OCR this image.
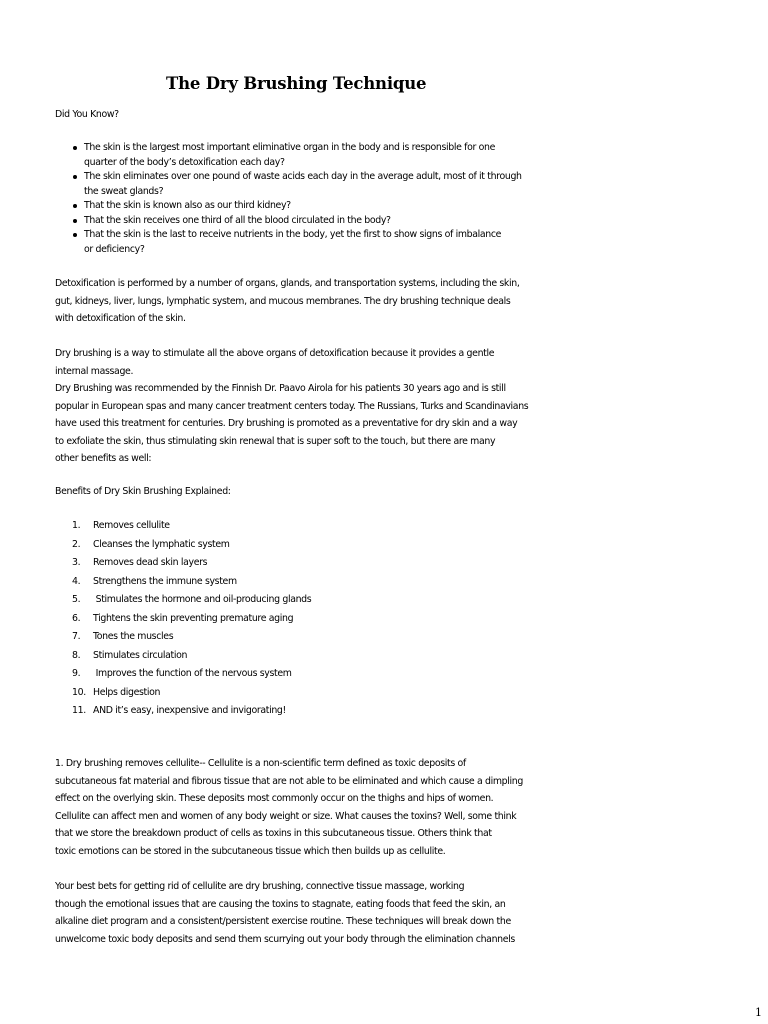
The Dry Brushing Technique
Did You Know?
The skin is the largest most important eliminative organ in the body and is responsible for one
quarter of the body’s detoxification each day?
The skin eliminates over one pound of waste acids each day in the average adult, most of it through
the sweat glands?
That the skin is known also as our third kidney?
That the skin receives one third of all the blood circulated in the body?
That the skin is the last to receive nutrients in the body, yet the first to show signs of imbalance
or deficiency?
Detoxification is performed by a number of organs, glands, and transportation systems, including the skin,
gut, kidneys, liver, lungs, lymphatic system, and mucous membranes. The dry brushing technique deals
with detoxification of the skin.
Dry brushing is a way to stimulate all the above organs of detoxification because it provides a gentle
internal massage.
Dry Brushing was recommended by the Finnish Dr. Paavo Airola for his patients 30 years ago and is still
popular in European spas and many cancer treatment centers today. The Russians, Turks and Scandinavians
have used this treatment for centuries. Dry brushing is promoted as a preventative for dry skin and a way
to exfoliate the skin, thus stimulating skin renewal that is super soft to the touch, but there are many
other benefits as well:
Benefits of Dry Skin Brushing Explained:
1. Removes cellulite
2. Cleanses the lymphatic system
3. Removes dead skin layers
4. Strengthens the immune system
5. Stimulates the hormone and oil-producing glands
6. Tightens the skin preventing premature aging
7. Tones the muscles
8. Stimulates circulation
9. Improves the function of the nervous system
10. Helps digestion
11. AND it’s easy, inexpensive and invigorating!
1. Dry brushing removes cellulite-- Cellulite is a non-scientific term defined as toxic deposits of
subcutaneous fat material and fibrous tissue that are not able to be eliminated and which cause a dimpling
effect on the overlying skin. These deposits most commonly occur on the thighs and hips of women.
Cellulite can affect men and women of any body weight or size. What causes the toxins? Well, some think
that we store the breakdown product of cells as toxins in this subcutaneous tissue. Others think that
toxic emotions can be stored in the subcutaneous tissue which then builds up as cellulite.
Your best bets for getting rid of cellulite are dry brushing, connective tissue massage, working
though the emotional issues that are causing the toxins to stagnate, eating foods that feed the skin, an
alkaline diet program and a consistent/persistent exercise routine. These techniques will break down the
unwelcome toxic body deposits and send them scurrying out your body through the elimination channels
1
